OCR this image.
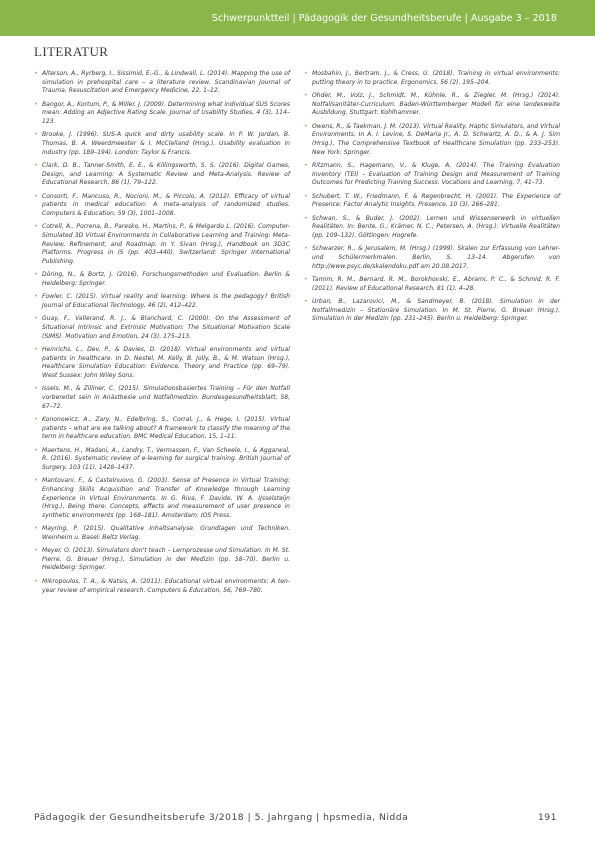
Schwerpunktteil | Pädagogik der Gesundheitsberufe | Ausgabe 3 – 2018
LITERATUR

• Alterson, A., Ryrberg, I., Sissimid, E.-G., & Lindwall, L. (2014). Mapping the use of simulation in prehospital care – a literature review. Scandinavian Journal of Trauma, Resuscitation and Emergency Medicine, 22, 1–12.

• Bangor, A., Kortum, P., & Miller, J. (2009). Determining what individual SUS Scores mean: Adding an Adjective Rating Scale. Journal of Usability Studies, 4 (3), 114–123.

• Brooke, J. (1996). SUS-A quick and dirty usability scale. In P. W. Jordan, B. Thomas, B. A. Weerdmeester & I. McClelland (Hrsg.), Usability evaluation in industry (pp. 189–194). London: Taylor & Francis.

• Clark, D. B., Tanner-Smith, E. E., & Killingsworth, S. S. (2016). Digital Games, Design, and Learning: A Systematic Review and Meta-Analysis. Review of Educational Research, 86 (1), 79–122.

• Consorti, F., Mancuso, R., Nocioni, M., & Piccolo, A. (2012). Efficacy of virtual patients in medical education: A meta-analysis of randomized studies. Computers & Education, 59 (3), 1001–1008.

• Cotrell, A., Porrena, B., Paresko, H., Martins, P., & Melgardo L. (2016). Computer-Simulated 3D Virtual Environments in Collaborative Learning and Training: Meta-Review, Refinement, and Roadmap. In Y. Sivan (Hrsg.), Handbook on 3D3C Platforms. Progress in IS (pp. 403–440). Switzerland: Springer International Publishing.

• Döring, N., & Bortz, J. (2016). Forschungsmethoden und Evaluation. Berlin & Heidelberg: Springer.

• Fowler, C. (2015). Virtual reality and learning: Where is the pedagogy? British Journal of Educational Technology, 46 (2), 412–422.

• Guay, F., Vallerand, R. J., & Blanchard, C. (2000). On the Assessment of Situational Intrinsic and Extrinsic Motivation: The Situational Motivation Scale (SIMS). Motivation and Emotion, 24 (3), 175–213.

• Heinrichs, L., Dev, P., & Davies, D. (2018). Virtual environments and virtual patients in healthcare. In D. Nestel, M. Kelly, B. Jolly, B., & M. Watson (Hrsg.), Healthcare Simulation Education: Evidence, Theory and Practice (pp. 69–79). West Sussex: John Wiley Sons.

• Issels, M., & Zilliner, C. (2015). Simulationsbasiertes Training – Für den Notfall vorbereitet sein in Anästhesie und Notfallmedizin. Bundesgesundheitsblatt, 58, 67–72.

• Kononowicz, A., Zary, N., Edelbring, S., Corral, J., & Hege, I. (2015). Virtual patients – what are we talking about? A framework to classify the meaning of the term in healthcare education. BMC Medical Education, 15, 1–11.

• Maertens, H., Madani, A., Landry, T., Vermassen, F., Van Scheele, I., & Aggarwal, R. (2016). Systematic review of e-learning for surgical training. British Journal of Surgery, 103 (11), 1428–1437.

• Mantovani, F., & Castelnuovo, G. (2003). Sense of Presence in Virtual Training: Enhancing Skills Acquisition and Transfer of Knowledge through Learning Experience in Virtual Environments. In G. Riva, F. Davide, W. A. IJsselsteijn (Hrsg.), Being there: Concepts, effects and measurement of user presence in synthetic environments (pp. 168–181). Amsterdam: IOS Press.

• Mayring, P. (2015). Qualitative Inhaltsanalyse. Grundlagen und Techniken. Weinheim u. Basel: Beltz Verlag.

• Meyer, O. (2013). Simulators don't teach – Lernprozesse und Simulation. In M. St. Pierre, G. Breuer (Hrsg.), Simulation in der Medizin (pp. 58–70). Berlin u. Heidelberg: Springer.

• Mikropoulos, T. A., & Natsis, A. (2011). Educational virtual environments: A ten-year review of empirical research. Computers & Education, 56, 769–780.

• Mosbahin, J., Bertram, J., & Cress, U. (2018). Training in virtual environments: putting theory in to practice. Ergonomics, 56 (2), 195–204.

• Ohder, M., Volz, J., Schmidt, M., Kühnle, R., & Ziegler, M. (Hrsg.) (2014). Notfallsanitäter-Curriculum. Baden-Württemberger Modell für eine landesweite Ausbildung. Stuttgart: Kohlhammer.

• Owens, R., & Taekman, J. M. (2013). Virtual Reality, Haptic Simulators, and Virtual Environments. In A. I. Levine, S. DeMaria Jr., A. D. Schwartz, A. D., & A. J. Sim (Hrsg.), The Comprehensive Textbook of Healthcare Simulation (pp. 233–253). New York: Springer.

• Ritzmann, S., Hagemann, V., & Kluge, A. (2014). The Training Evaluation Inventory (TEI) – Evaluation of Training Design and Measurement of Training Outcomes for Predicting Training Success. Vocations and Learning, 7, 41–73.

• Schubert, T. W., Friedmann, F. & Regenbrecht, H. (2001). The Experience of Presence: Factor Analytic Insights. Presence, 10 (3), 266–281.

• Schwan, S., & Buder, J. (2002). Lernen und Wissenserwerb in virtuellen Realitäten. In: Bente, G.; Krämer, N. C.; Petersen, A. (Hrsg.): Virtuelle Realitäten (pp. 109–132). Göttingen: Hogrefe.

• Schwarzer, R., & Jerusalem, M. (Hrsg.) (1999). Skalen zur Erfassung von Lehrer- und Schülermerkmalen. Berlin, S. 13–14. Abgerufen von http://www.psyc.de/skalendoku.pdf am 20.08.2017.

• Tamim, R. M., Bernard, R. M., Borokhovski, E., Abrami, P. C., & Schmid, R. F. (2011). Review of Educational Research, 81 (1), 4–28.

• Urban, B., Lazarovici, M., & Sandmeyer, B. (2018). Simulation in der Notfallmedizin – Stationäre Simulation. In M. St. Pierre, G. Breuer (Hrsg.), Simulation in der Medizin (pp. 231–245). Berlin u. Heidelberg: Springer.

Pädagogik der Gesundheitsberufe 3/2018 | 5. Jahrgang | hpsmedia, Nidda	191
